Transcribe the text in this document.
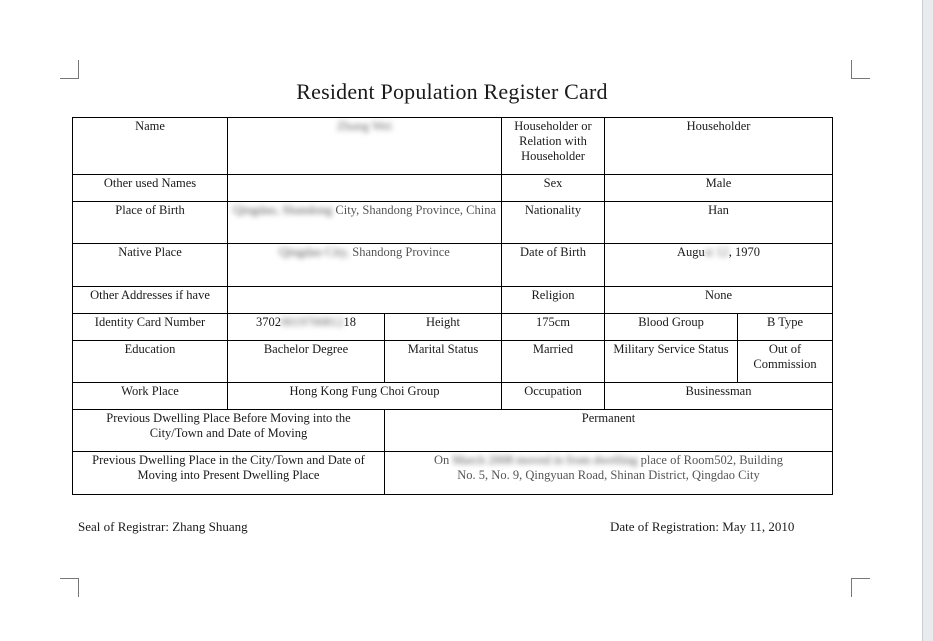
Resident Population Register Card
Name	Zhang Wei		Householder or Relation with Householder	Householder	
Other used Names			Sex	Male	
Place of Birth	Qingdao, Shandong City, Shandong Province, China		Nationality	Han	
Native Place	Qingdao City, Shandong Province		Date of Birth	August 12, 1970	
Other Addresses if have			Religion	None	
Identity Card Number	3702001970081218	Height	175cm	Blood Group	B Type
Education	Bachelor Degree	Marital Status	Married	Military Service Status	Out of Commission
Work Place	Hong Kong Fung Choi Group		Occupation	Businessman	
Previous Dwelling Place Before Moving into the City/Town and Date of Moving		Permanent			
Previous Dwelling Place in the City/Town and Date of Moving into Present Dwelling Place		On March 2008 moved in from dwelling place of Room502, Building
No. 5, No. 9, Qingyuan Road, Shinan District, Qingdao City			
Seal of Registrar: Zhang Shuang	Date of Registration: May 11, 2010
